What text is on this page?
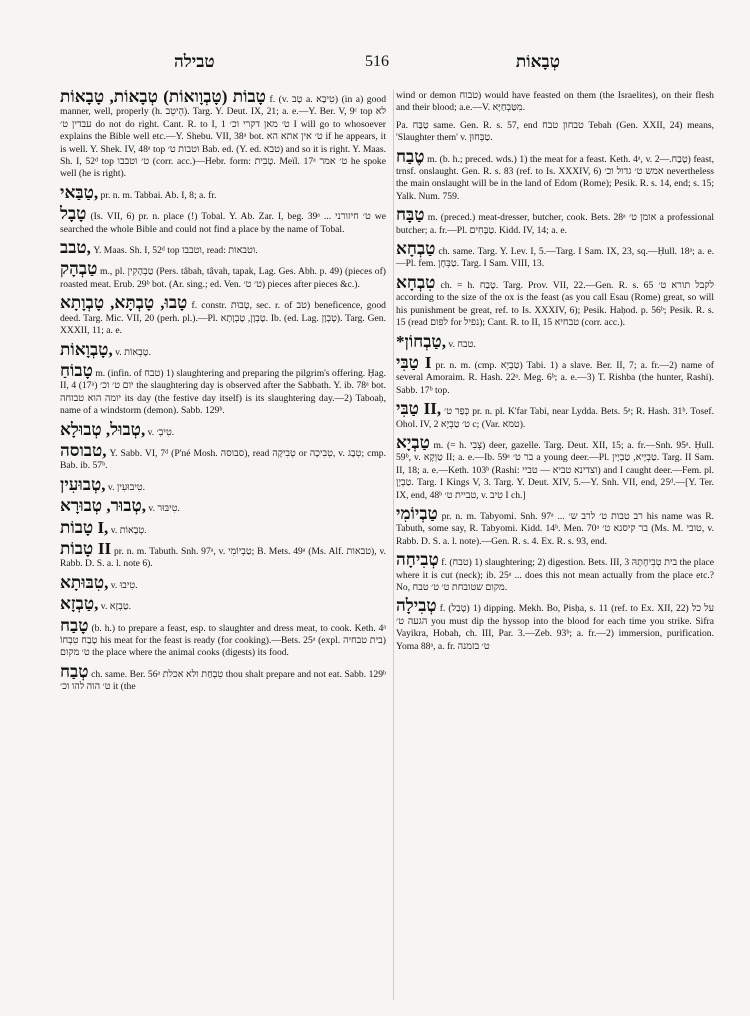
טְבָאוֹת
516
טבילה

טָבוֹת (טָבְוָואוֹת) טְבָאוֹת, טָבָאוֹת f. (v. טָב a. טִיבָא) (in a) good manner, well, properly (h. הֵיטֵב). Targ. Y. Deut. IX, 21; a. e.—Y. Ber. V, 9ᶜ top לא עבדין ט׳ do not do right. Cant. R. to I, 1 ט׳ מאן דקרי וכ׳ I will go to whosoever explains the Bible well etc.—Y. Shebu. VII, 38ᵃ bot. ט׳ אין אתא הא if he appears, it is well. Y. Shek. IV, 48ᵃ top וטבות ט׳ Bab. ed. (Y. ed. טבא) and so it is right. Y. Maas. Sh. I, 52ᵈ top ט׳ וטבבו (corr. acc.)—Hebr. form: טָבִית. Meïl. 17ᵃ ט׳ אמר he spoke well (he is right).

טַבַּאי, pr. n. m. Tabbai. Ab. I, 8; a. fr.

טָבָל (Is. VII, 6) pr. n. place (!) Tobal. Y. Ab. Zar. I, beg. 39ᵃ ... ט׳ חיזורני we searched the whole Bible and could not find a place by the name of Tobal.

טבב, Y. Maas. Sh. I, 52ᵈ top וטבבו, read: וטבאות.

טַבְהָק m., pl. טַבְהָקִין (Pers. tâbah, tâvah, tapak, Lag. Ges. Abh. p. 49) (pieces of) roasted meat. Erub. 29ᵇ bot. (Ar. sing.; ed. Ven. ט׳ ט׳) pieces after pieces &c.).

טָבוּ, טָבְתָּא, טָבְוָתָא f. constr. טָבוּת, sec. r. of טב) beneficence, good deed. Targ. Mic. VII, 20 (perh. pl.).—Pl. טָבְוָן, טָבְוָתָא. Ib. (ed. Lag. טָבְוָן). Targ. Gen. XXXII, 11; a. e.

טָבְוָאוֹת, v. טָבְאוֹת.

טָבוֹחַ m. (infin. of טבח) 1) slaughtering and preparing the pilgrim's offering. Ḥag. II, 4 (17ᵃ) יום ט׳ וכ׳ the slaughtering day is observed after the Sabbath. Y. ib. 78ᵃ bot. יומה הוא טבוחה its day (the festive day itself) is its slaughtering day.—2) Taboaḥ, name of a windstorm (demon). Sabb. 129ᵇ.

טְבוּל, טְבוּלָא, v. טִיבְ׳.

טבוסה, Y. Sabb. VI, 7ᵈ (P'né Mosh. סבוסה), read טְבִיקָה or טְבִיכָה, v. טְבָג; cmp. Bab. ib. 57ᵇ.

טְבוּעִין, v. טִיבוּעִין.

טְבוּר, טְבוּרָא, v. טִיבּוּר.

טָבוֹת I, v. טְבָאוֹת.

טָבוֹת II pr. n. m. Tabuth. Snh. 97ᵃ, v. טַבְיוֹמִי; B. Mets. 49ᵃ (Ms. Alf. טבאות), v. Rabb. D. S. a. l. note 6).

טִבּוּתָא, v. טִיבוּ.

טַבְזָא, v. טַבְזָא.

טָבַח (b. h.) to prepare a feast, esp. to slaughter and dress meat, to cook. Keth. 4ᵃ טָבַח טִבְחוֹ his meat for the feast is ready (for cooking).—Bets. 25ᵃ (expl. בית טבחיה) ט׳ מקום the place where the animal cooks (digests) its food.

טְבַח ch. same. Ber. 56ᵃ טִבְחַת ולא אכלת thou shalt prepare and not eat. Sabb. 129ᵇ ט׳ הוה להו וכ׳ it (the

wind or demon טבוח) would have feasted on them (the Israelites), on their flesh and their blood; a.e.—V. מִטַּבְחַיָּא.

Pa. טַבַּח same. Gen. R. s. 57, end טבחון טבח Tebah (Gen. XXII, 24) means, 'Slaughter them' v. טַבְּחוּן.

טֶבַח m. (b. h.; preced. wds.) 1) the meat for a feast. Keth. 4ᵃ, v. טָבַח.—2) feast, trnsf. onslaught. Gen. R. s. 83 (ref. to Is. XXXIV, 6) אמש ט׳ גדול וכ׳ nevertheless the main onslaught will be in the land of Edom (Rome); Pesik. R. s. 14, end; s. 15; Yalk. Num. 759.

טַבָּח m. (preced.) meat-dresser, butcher, cook. Bets. 28ᵃ אומן ט׳ a professional butcher; a. fr.—Pl. טַבָּחִים. Kidd. IV, 14; a. e.

טַבְחָא ch. same. Targ. Y. Lev. I, 5.—Targ. I Sam. IX, 23, sq.—Ḥull. 18ᵃ; a. e.—Pl. fem. טַבְּחָן. Targ. I Sam. VIII, 13.

טִבְחָא ch. = h. טֶבַח. Targ. Prov. VII, 22.—Gen. R. s. 65 לקבל תורא ט׳ according to the size of the ox is the feast (as you call Esau (Rome) great, so will his punishment be great, ref. to Is. XXXIV, 6); Pesik. Haḥod. p. 56ᵇ; Pesik. R. s. 15 (read לפום for נפיל); Cant. R. to II, 15 טבחיא (corr. acc.).

*טַבְחוֹן, v. טבח.

טַבִּי I pr. n. m. (cmp. טַבְיָא) Tabi. 1) a slave. Ber. II, 7; a. fr.—2) name of several Amoraim. R. Hash. 22ᵃ. Meg. 6ᵇ; a. e.—3) T. Rishba (the hunter, Rashi). Sabb. 17ᵇ top.

טַבִּי II, כְּפַר ט׳ pr. n. pl. K'far Tabi, near Lydda. Bets. 5ᵃ; R. Hash. 31ᵇ. Tosef. Ohol. IV, 2 ט׳ טַבְיָא c; (Var. טמא).

טַבְיָא m. (= h. צְבִי) deer, gazelle. Targ. Deut. XII, 15; a. fr.—Snh. 95ᵃ. Ḥull. 59ᵇ, v. טַוְקָא II; a. e.—Ib. 59ᵃ בר ט׳ a young deer.—Pl. טַבְיָיא, טַבְיָין. Targ. II Sam. II, 18; a. e.—Keth. 103ᵇ (Rashi: וצדינא טביא — טביי) and I caught deer.—Fem. pl. טַבְיָן. Targ. I Kings V, 3. Targ. Y. Deut. XIV, 5.—Y. Snh. VII, end, 25ᵈ.—[Y. Ter. IX, end, 48ᵇ טביית ט׳, v. טִיב I ch.]

טַבְיוֹמִי pr. n. m. Tabyomi. Snh. 97ᵃ ... רב טבות ט׳ לרב ש׳ his name was R. Tabuth, some say, R. Tabyomi. Kidd. 14ᵇ. Men. 70ᵃ בר קיסנא ט׳ (Ms. M. טובי, v. Rabb. D. S. a. l. note).—Gen. R. s. 4. Ex. R. s. 93, end.

טְבִיחָה f. (טבח) 1) slaughtering; 2) digestion. Bets. III, 3 בית טְבִיחָתָהּ the place where it is cut (neck); ib. 25ᵃ ... does this not mean actually from the place etc.? No, מקום שטובחת ט׳ ט׳ טבח.

טְבִילָה f. (טָבַל) 1) dipping. Mekh. Bo, Pisḥa, s. 11 (ref. to Ex. XII, 22) על כל הגעה ט׳ you must dip the hyssop into the blood for each time you strike. Sifra Vayikra, Hobah, ch. III, Par. 3.—Zeb. 93ᵇ; a. fr.—2) immersion, purification. Yoma 88ᵃ, a. fr. ט׳ בזמנה
